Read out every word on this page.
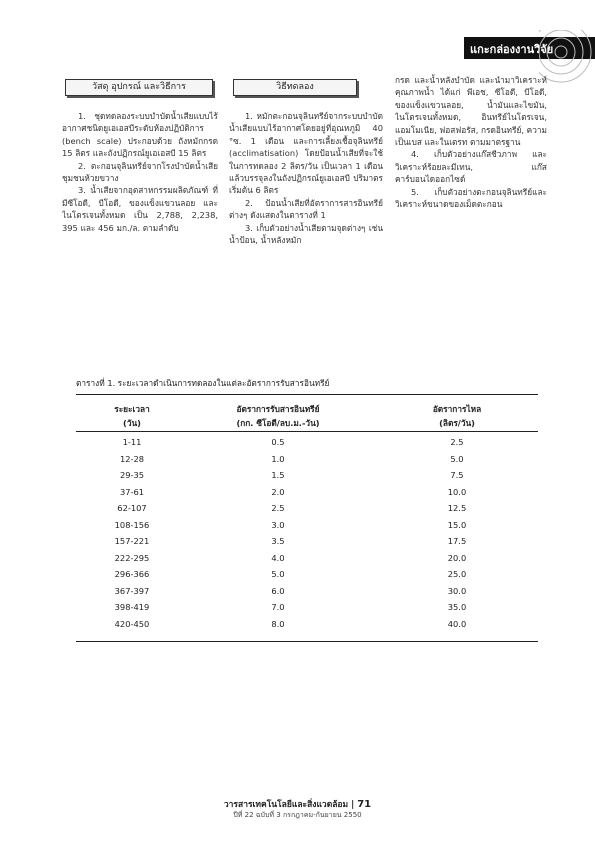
แกะกล่องงานวิจัย
วัสดุ อุปกรณ์ และวิธีการ	วิธีทดลอง

1. ชุดทดลองระบบบำบัดน้ำเสียแบบไร้อากาศชนิดยูเอเอสบีระดับห้องปฏิบัติการ (bench scale) ประกอบด้วย ถังหมักกรด 15 ลิตร และถังปฏิกรณ์ยูเอเอสบี 15 ลิตร

2. ตะกอนจุลินทรีย์จากโรงบำบัดน้ำเสียชุมชนห้วยขวาง

3. น้ำเสียจากอุตสาหกรรมผลิตภัณฑ์ ที่มีซีโอดี, บีโอดี, ของแข็งแขวนลอย และไนโตรเจนทั้งหมด เป็น 2,788, 2,238, 395 และ 456 มก./ล. ตามลำดับ

1. หมักตะกอนจุลินทรีย์จากระบบบำบัดน้ำเสียแบบไร้อากาศโดยอยู่ที่อุณหภูมิ 40 °ซ. 1 เดือน และการเลี้ยงเชื้อจุลินทรีย์ (acclimatisation) โดยป้อนน้ำเสียที่จะใช้ในการทดลอง 2 ลิตร/วัน เป็นเวลา 1 เดือน แล้วบรรจุลงในถังปฏิกรณ์ยูเอเอสบี ปริมาตรเริ่มต้น 6 ลิตร

2. ป้อนน้ำเสียที่อัตราการสารอินทรีย์ต่างๆ ดังแสดงในตารางที่ 1

3. เก็บตัวอย่างน้ำเสียตามจุดต่างๆ เช่น น้ำป้อน, น้ำหลังหมัก

กรด และน้ำหลังบำบัด และนำมาวิเคราะห์คุณภาพน้ำ ได้แก่ พีเอช, ซีโอดี, บีโอดี, ของแข็งแขวนลอย, น้ำมันและไขมัน, ไนโตรเจนทั้งหมด, อินทรีย์ไนโตรเจน, แอมโมเนีย, ฟอสฟอรัส, กรดอินทรีย์, ความเป็นเบส และในเตรท ตามมาตรฐาน

4. เก็บตัวอย่างแก๊สชีวภาพ และวิเคราะห์ร้อยละมีเทน, แก๊สคาร์บอนไดออกไซด์

5. เก็บตัวอย่างตะกอนจุลินทรีย์และวิเคราะห์ขนาดของเม็ดตะกอน

ตารางที่ 1. ระยะเวลาดำเนินการทดลองในแต่ละอัตราการรับสารอินทรีย์
ระยะเวลา
(วัน)
อัตราการรับสารอินทรีย์
(กก. ซีโอดี/ลบ.ม.-วัน)
อัตราการไหล
(ลิตร/วัน)
1-11	0.5	2.5
12-28	1.0	5.0
29-35	1.5	7.5
37-61	2.0	10.0
62-107	2.5	12.5
108-156	3.0	15.0
157-221	3.5	17.5
222-295	4.0	20.0
296-366	5.0	25.0
367-397	6.0	30.0
398-419	7.0	35.0
420-450	8.0	40.0
วารสารเทคโนโลยีและสิ่งแวดล้อม | 71
ปีที่ 22 ฉบับที่ 3 กรกฎาคม-กันยายน 2550
